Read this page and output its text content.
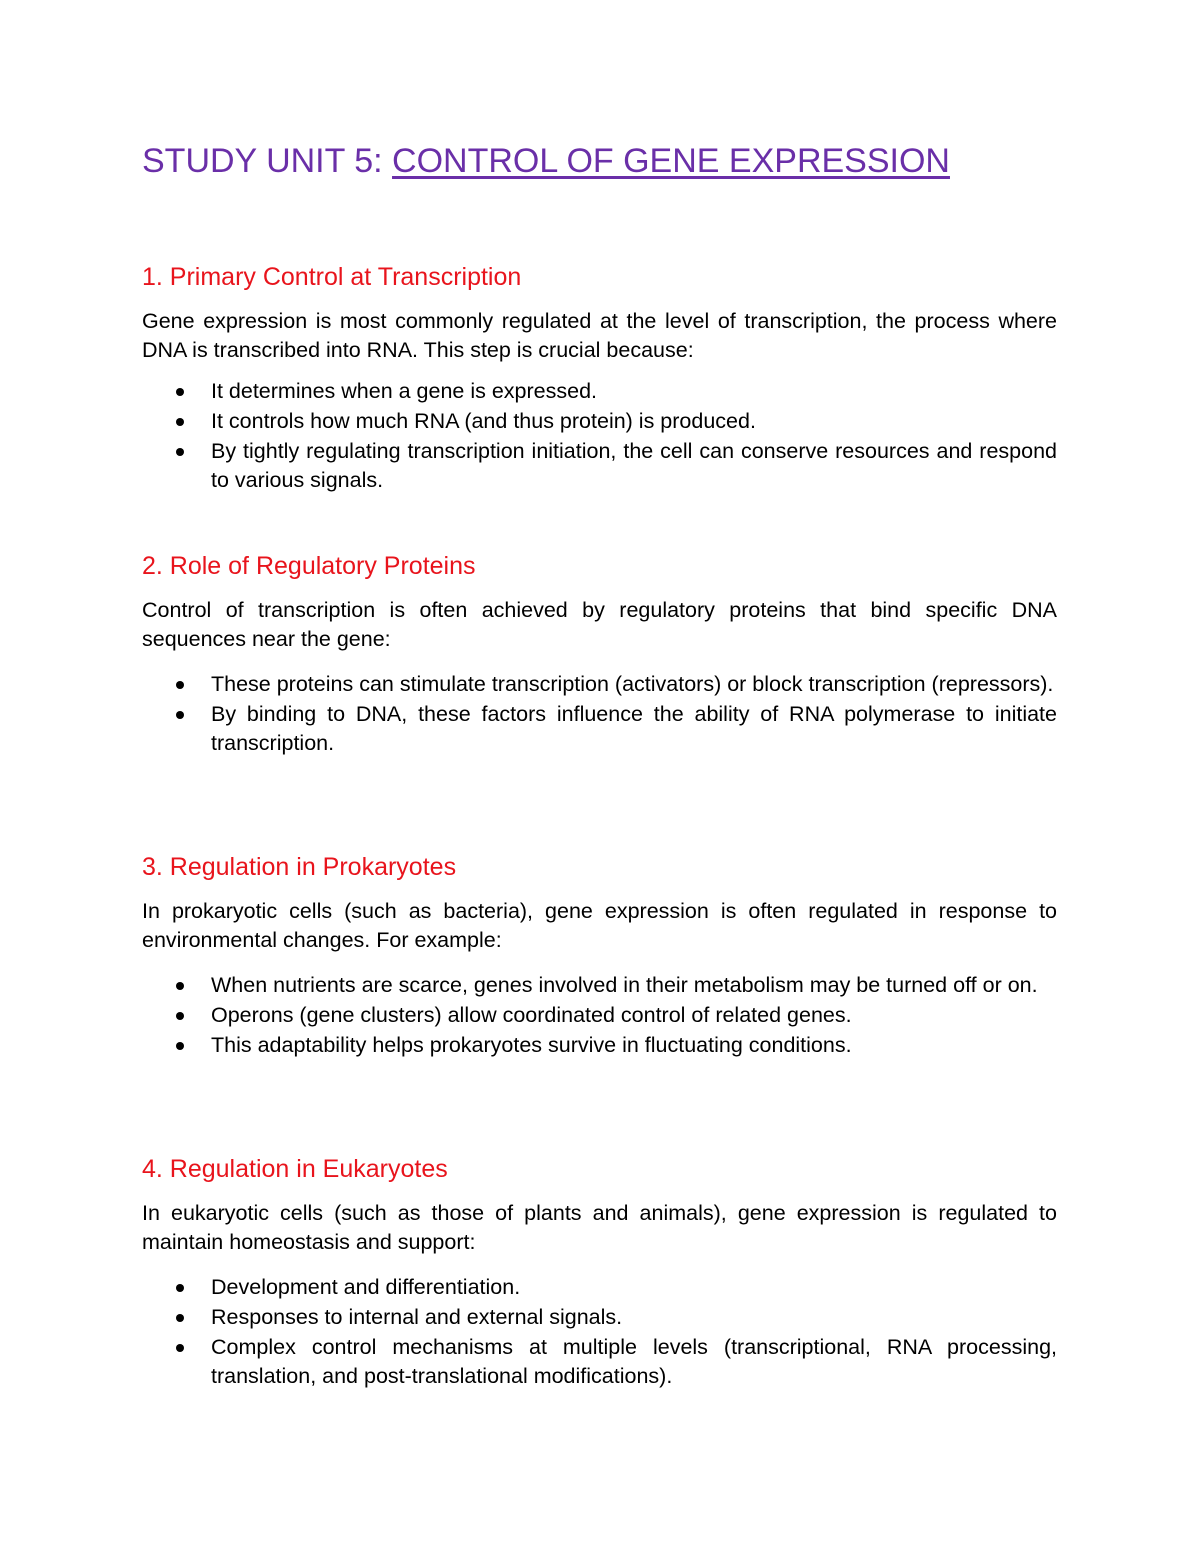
STUDY UNIT 5: CONTROL OF GENE EXPRESSION
1. Primary Control at Transcription

Gene expression is most commonly regulated at the level of transcription, the process where DNA is transcribed into RNA. This step is crucial because:

It determines when a gene is expressed.
It controls how much RNA (and thus protein) is produced.
By tightly regulating transcription initiation, the cell can conserve resources and respond to various signals.
2. Role of Regulatory Proteins

Control of transcription is often achieved by regulatory proteins that bind specific DNA sequences near the gene:

These proteins can stimulate transcription (activators) or block transcription (repressors).
By binding to DNA, these factors influence the ability of RNA polymerase to initiate transcription.
3. Regulation in Prokaryotes

In prokaryotic cells (such as bacteria), gene expression is often regulated in response to environmental changes. For example:

When nutrients are scarce, genes involved in their metabolism may be turned off or on.
Operons (gene clusters) allow coordinated control of related genes.
This adaptability helps prokaryotes survive in fluctuating conditions.
4. Regulation in Eukaryotes

In eukaryotic cells (such as those of plants and animals), gene expression is regulated to maintain homeostasis and support:

Development and differentiation.
Responses to internal and external signals.
Complex control mechanisms at multiple levels (transcriptional, RNA processing, translation, and post-translational modifications).
